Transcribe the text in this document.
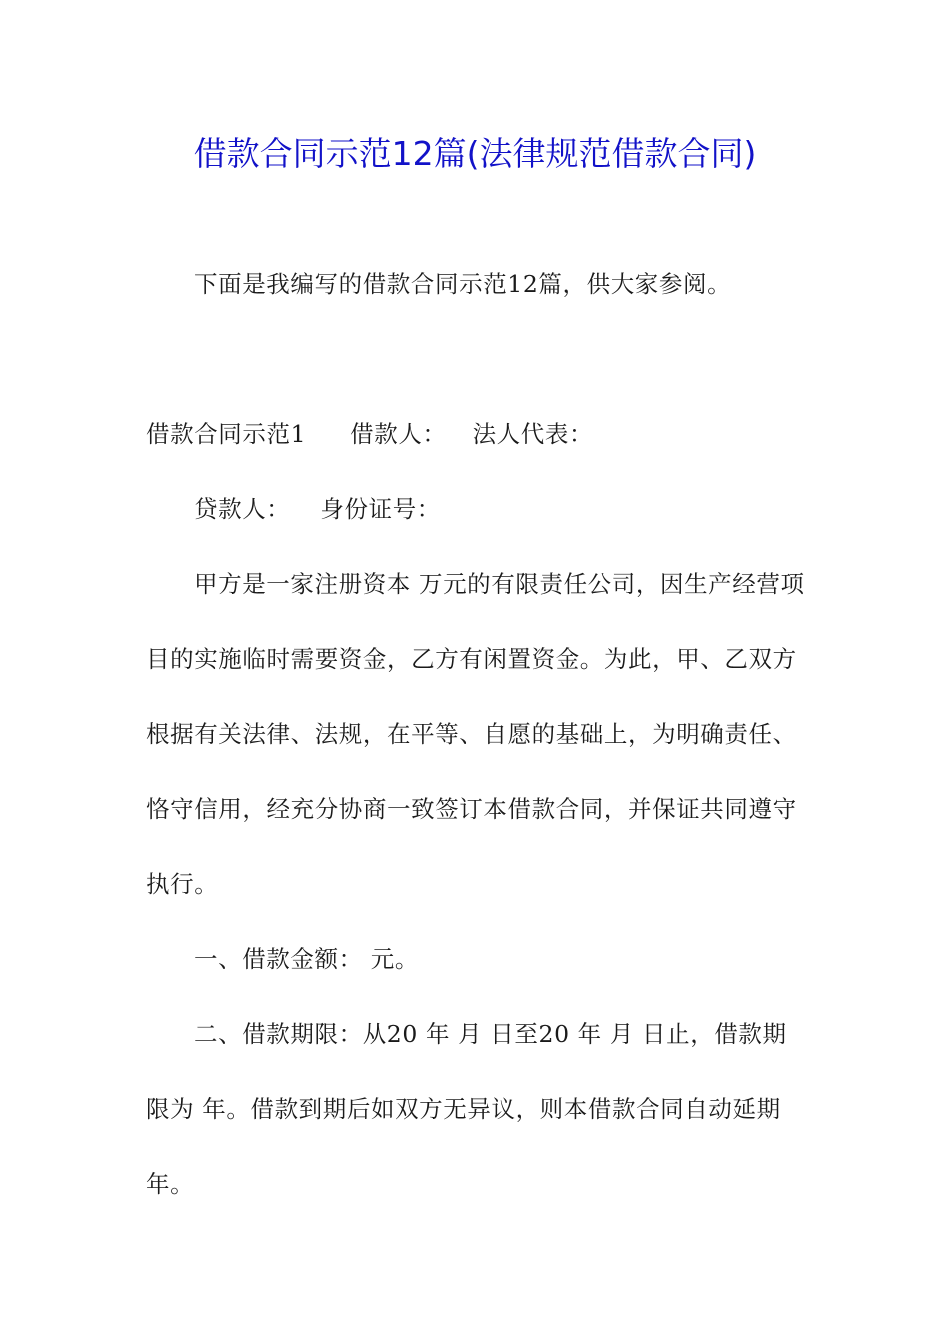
借款合同示范12篇(法律规范借款合同)
下面是我编写的借款合同示范12篇，供大家参阅。
借款合同示范1 借款人： 法人代表：
贷款人： 身份证号：
甲方是一家注册资本 万元的有限责任公司，因生产经营项
目的实施临时需要资金，乙方有闲置资金。为此，甲、乙双方
根据有关法律、法规，在平等、自愿的基础上，为明确责任、
恪守信用，经充分协商一致签订本借款合同，并保证共同遵守
执行。
一、借款金额： 元。
二、借款期限：从20 年 月 日至20 年 月 日止，借款期
限为 年。借款到期后如双方无异议，则本借款合同自动延期
年。
